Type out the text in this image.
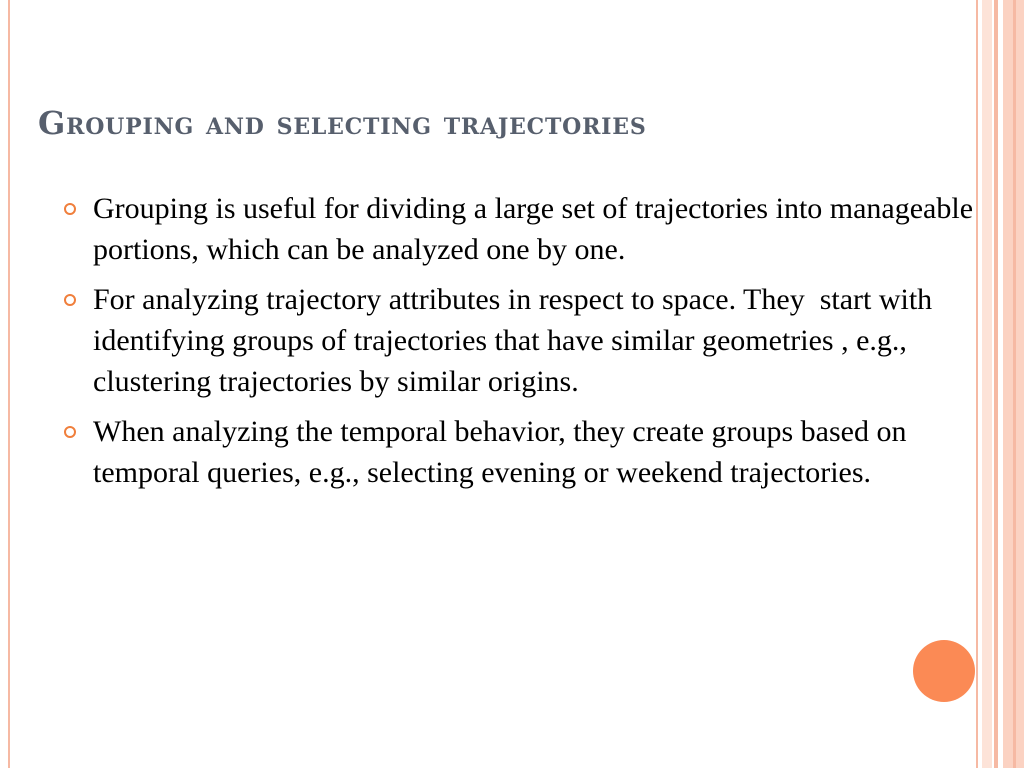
Grouping and selecting trajectories
Grouping is useful for dividing a large set of trajectories into manageable portions, which can be analyzed one by one.
For analyzing trajectory attributes in respect to space. They  start with identifying groups of trajectories that have similar geometries , e.g., clustering trajectories by similar origins.
When analyzing the temporal behavior, they create groups based on temporal queries, e.g., selecting evening or weekend trajectories.
